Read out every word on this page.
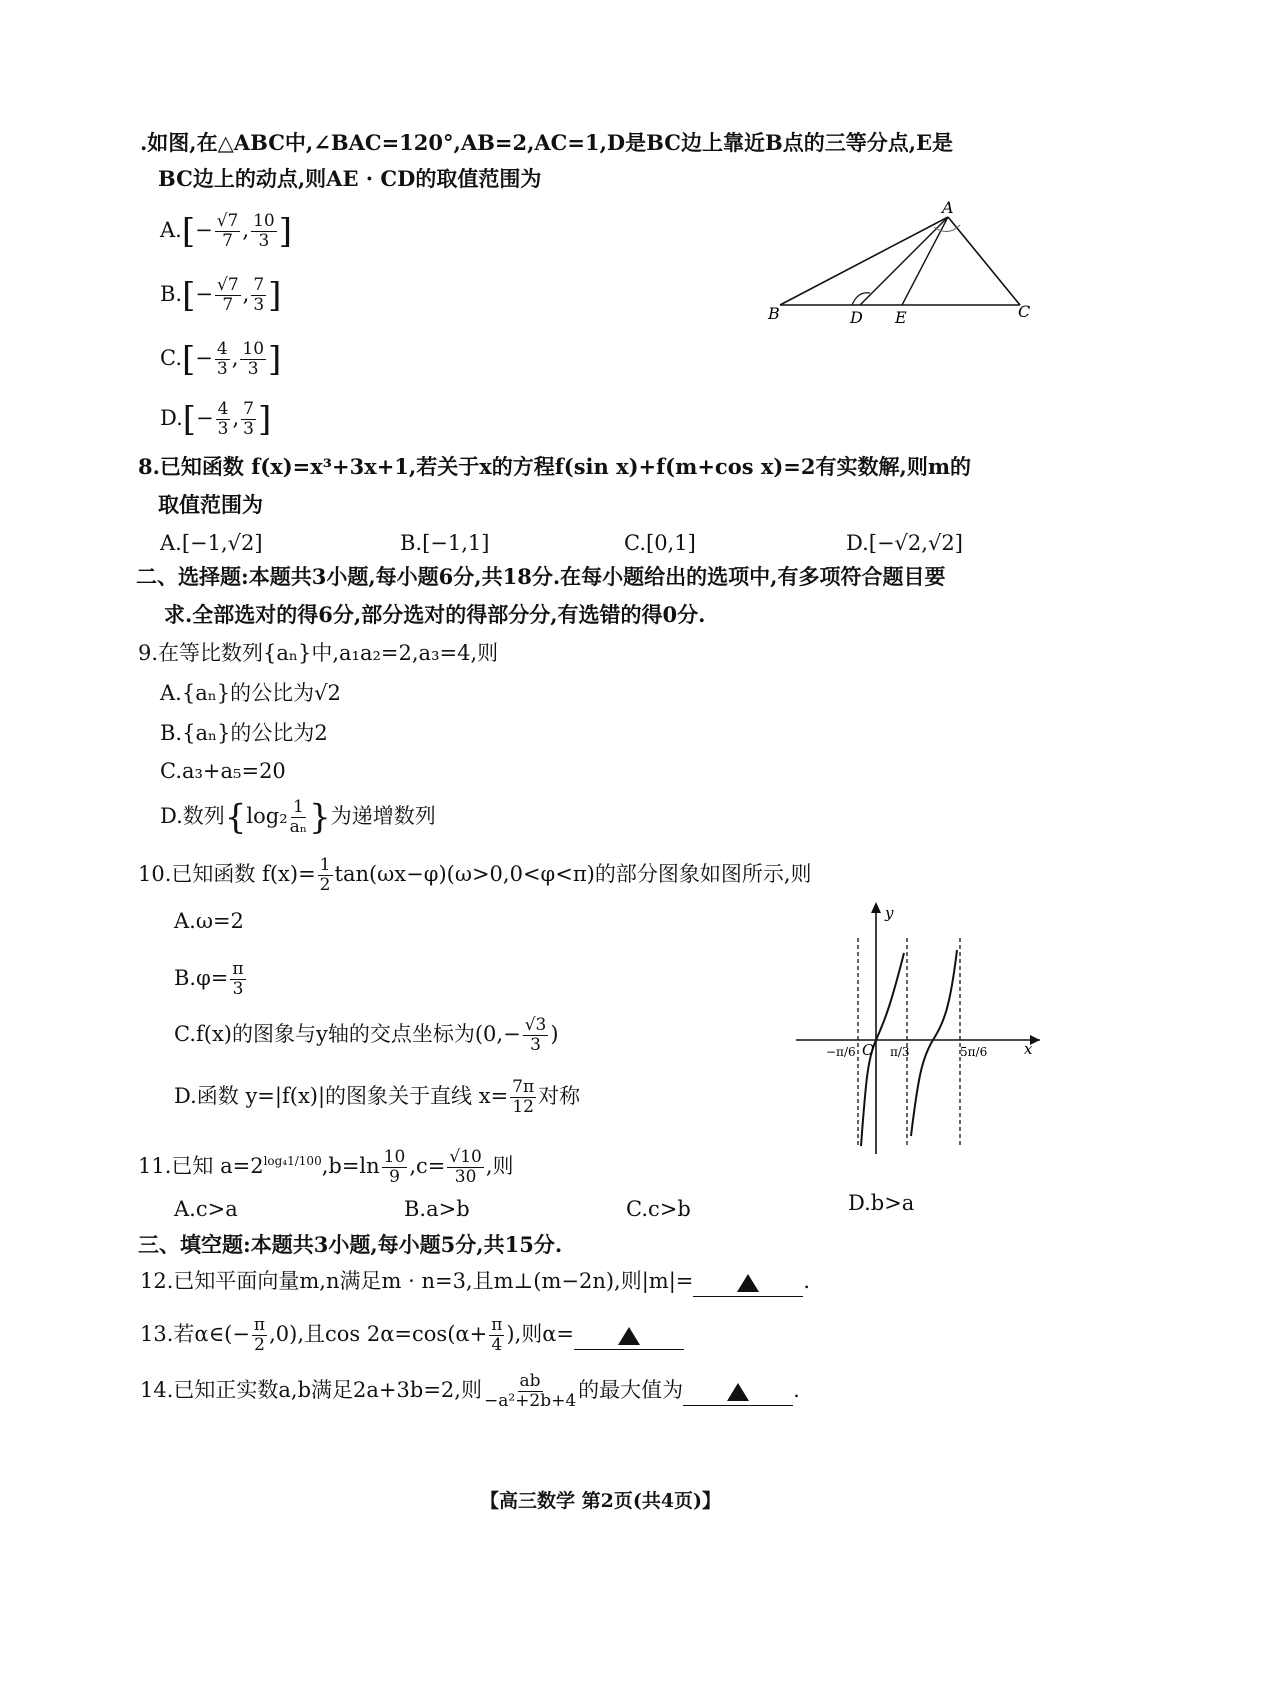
.如图,在△ABC中,∠BAC=120°,AB=2,AC=1,D是BC边上靠近B点的三等分点,E是
BC边上的动点,则AE · CD的取值范围为
$A.[- \frac{√7}{7}$ , $\frac{10}{3}$ ]
$B.[- \frac{√7}{7}$ , $\frac{7}{3}$ ]
$C.[- \frac{4}{3}$ , $\frac{10}{3}$ ]
$D.[- \frac{4}{3}$ , $\frac{7}{3}$ ]
A
B	C
D E
8.已知函数 f(x)=x³+3x+1,若关于x的方程f(sin x)+f(m+cos x)=2有实数解,则m的
取值范围为
A.[−1,√2]	B.[−1,1]	C.[0,1]	D.[−√2,√2]
二、选择题:本题共3小题,每小题6分,共18分.在每小题给出的选项中,有多项符合题目要
求.全部选对的得6分,部分选对的得部分分,有选错的得0分.
9.在等比数列{aₙ}中,a₁a₂=2,a₃=4,则
A.{aₙ}的公比为√2
B.{aₙ}的公比为2
C.a₃+a₅=20
D.数列{$\log_2 \frac{1}{\text{aₙ}}$ }为递增数列
10.已知函数 $f(x)= \frac{1}{2} \tan(\omega x-\varphi)(\omega>0,0<\varphi<\pi)$的部分图象如图所示,则
A.ω=2
$B.\varphi= \frac{\pi}{3}$
C.f(x)的图象与y轴的交点坐标为($0,- \frac{√3}{3}$ )
D.函数 y=|f(x)|的图象关于直线 $x= \frac{7\pi}{12}$ 对称
y
x
O
−π/6	π/3	5π/6
11.已知 $a=2^{log_41/100},b=\ln \frac{10}{9} ,c= \frac{√10}{30}$ ,则
A.c>a	B.a>b	C.c>b	D.b>a
三、填空题:本题共3小题,每小题5分,共15分.
12.已知平面向量m,n满足m · n=3,且m⊥(m−2n),则|m|=	.
13.若α∈(− $\frac{\pi}{2} ,0$),且$\cos 2\alpha=\cos(\alpha+ \frac{\pi}{4}$ ),则α=
14.已知正实数a,b满足2a+3b=2,则 $\frac{ab}{\text{−a²+2b+4}}$ 的最大值为	.
【高三数学 第2页(共4页)】
